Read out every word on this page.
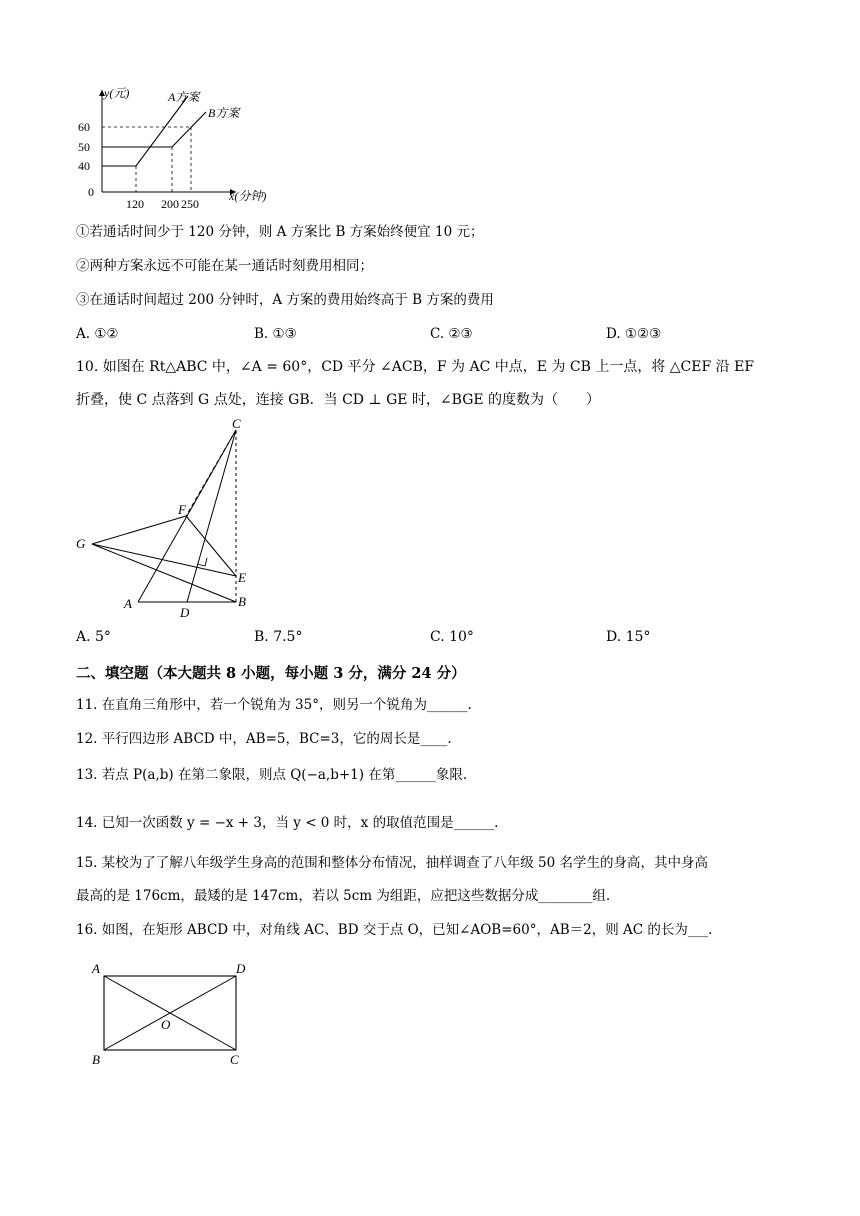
y(元)
x(分钟)
A方案
B方案
60
50
40
0
120 200 250
①若通话时间少于 120 分钟，则 A 方案比 B 方案始终便宜 10 元；
②两种方案永远不可能在某一通话时刻费用相同；
③在通话时间超过 200 分钟时，A 方案的费用始终高于 B 方案的费用
A. ①②	B. ①③	C. ②③	D. ①②③
10. 如图在 Rt△ABC 中，∠A = 60°，CD 平分 ∠ACB，F 为 AC 中点，E 为 CB 上一点，将 △CEF 沿 EF
折叠，使 C 点落到 G 点处，连接 GB．当 CD ⊥ GE 时，∠BGE 的度数为（　　）
C
F
G
E
A
D
B
A. 5°	B. 7.5°	C. 10°	D. 15°
二、填空题（本大题共 8 小题，每小题 3 分，满分 24 分）
11. 在直角三角形中，若一个锐角为 35°，则另一个锐角为______.
12. 平行四边形 ABCD 中，AB=5，BC=3，它的周长是____.
13. 若点 P(a,b) 在第二象限，则点 Q(−a,b+1) 在第______象限.
14. 已知一次函数 y = −x + 3，当 y < 0 时，x 的取值范围是______.
15. 某校为了了解八年级学生身高的范围和整体分布情况，抽样调查了八年级 50 名学生的身高，其中身高
最高的是 176cm，最矮的是 147cm，若以 5cm 为组距，应把这些数据分成________组.
16. 如图，在矩形 ABCD 中，对角线 AC、BD 交于点 O，已知∠AOB=60°，AB＝2，则 AC 的长为___.
A	D
O
B	C
